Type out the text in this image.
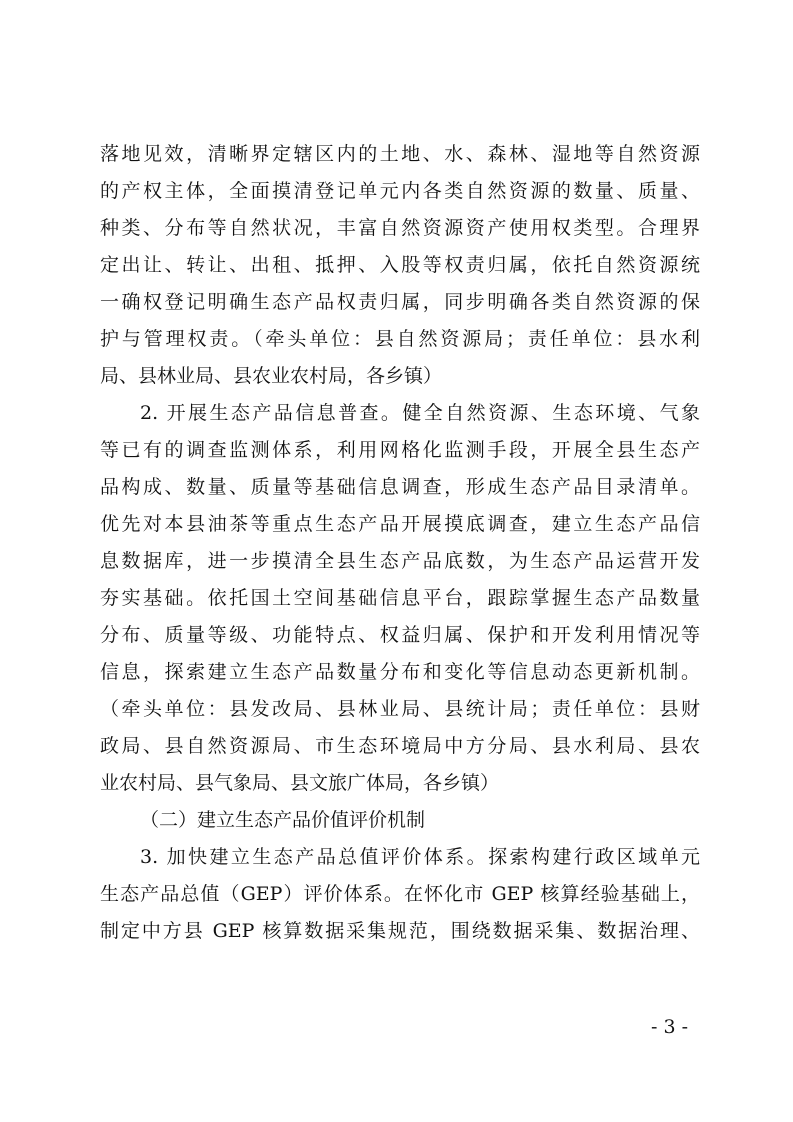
落地见效，清晰界定辖区内的土地、水、森林、湿地等自然资源
的产权主体，全面摸清登记单元内各类自然资源的数量、质量、
种类、分布等自然状况，丰富自然资源资产使用权类型。合理界
定出让、转让、出租、抵押、入股等权责归属，依托自然资源统
一确权登记明确生态产品权责归属，同步明确各类自然资源的保
护与管理权责。（牵头单位：县自然资源局；责任单位：县水利
局、县林业局、县农业农村局，各乡镇）
2. 开展生态产品信息普查。健全自然资源、生态环境、气象
等已有的调查监测体系，利用网格化监测手段，开展全县生态产
品构成、数量、质量等基础信息调查，形成生态产品目录清单。
优先对本县油茶等重点生态产品开展摸底调查，建立生态产品信
息数据库，进一步摸清全县生态产品底数，为生态产品运营开发
夯实基础。依托国土空间基础信息平台，跟踪掌握生态产品数量
分布、质量等级、功能特点、权益归属、保护和开发利用情况等
信息，探索建立生态产品数量分布和变化等信息动态更新机制。
（牵头单位：县发改局、县林业局、县统计局；责任单位：县财
政局、县自然资源局、市生态环境局中方分局、县水利局、县农
业农村局、县气象局、县文旅广体局，各乡镇）
（二）建立生态产品价值评价机制
3. 加快建立生态产品总值评价体系。探索构建行政区域单元
生态产品总值（GEP）评价体系。在怀化市 GEP 核算经验基础上，
制定中方县 GEP 核算数据采集规范，围绕数据采集、数据治理、
- 3 -
